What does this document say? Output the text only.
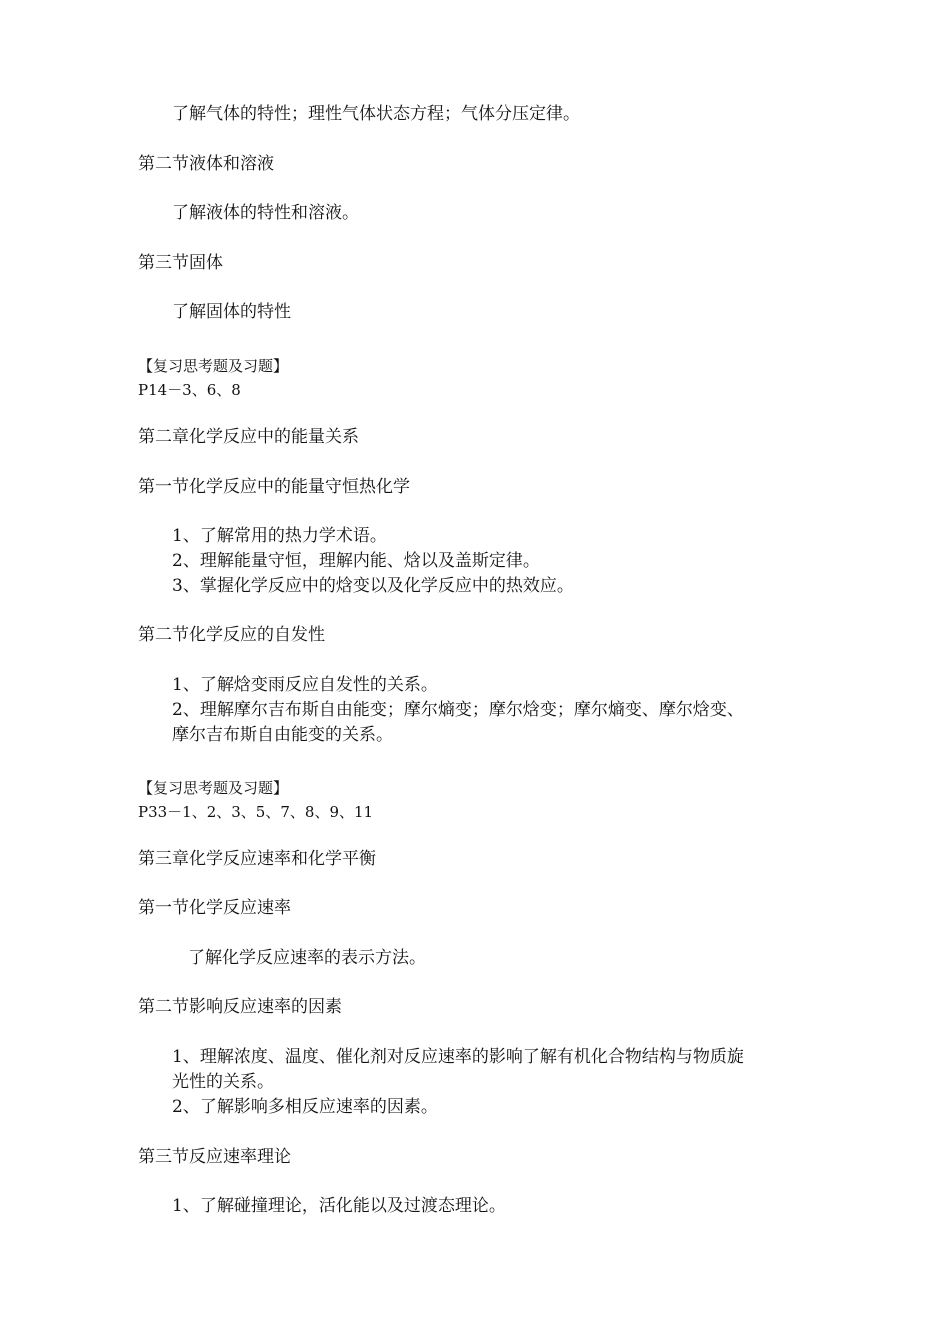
了解气体的特性；理性气体状态方程；气体分压定律。
第二节液体和溶液
了解液体的特性和溶液。
第三节固体
了解固体的特性
【复习思考题及习题】
P14－3、6、8
第二章化学反应中的能量关系
第一节化学反应中的能量守恒热化学
1、了解常用的热力学术语。
2、理解能量守恒，理解内能、焓以及盖斯定律。
3、掌握化学反应中的焓变以及化学反应中的热效应。
第二节化学反应的自发性
1、了解焓变雨反应自发性的关系。
2、理解摩尔吉布斯自由能变；摩尔熵变；摩尔焓变；摩尔熵变、摩尔焓变、
摩尔吉布斯自由能变的关系。
【复习思考题及习题】
P33－1、2、3、5、7、8、9、11
第三章化学反应速率和化学平衡
第一节化学反应速率
了解化学反应速率的表示方法。
第二节影响反应速率的因素
1、理解浓度、温度、催化剂对反应速率的影响了解有机化合物结构与物质旋
光性的关系。
2、了解影响多相反应速率的因素。
第三节反应速率理论
1、了解碰撞理论，活化能以及过渡态理论。
